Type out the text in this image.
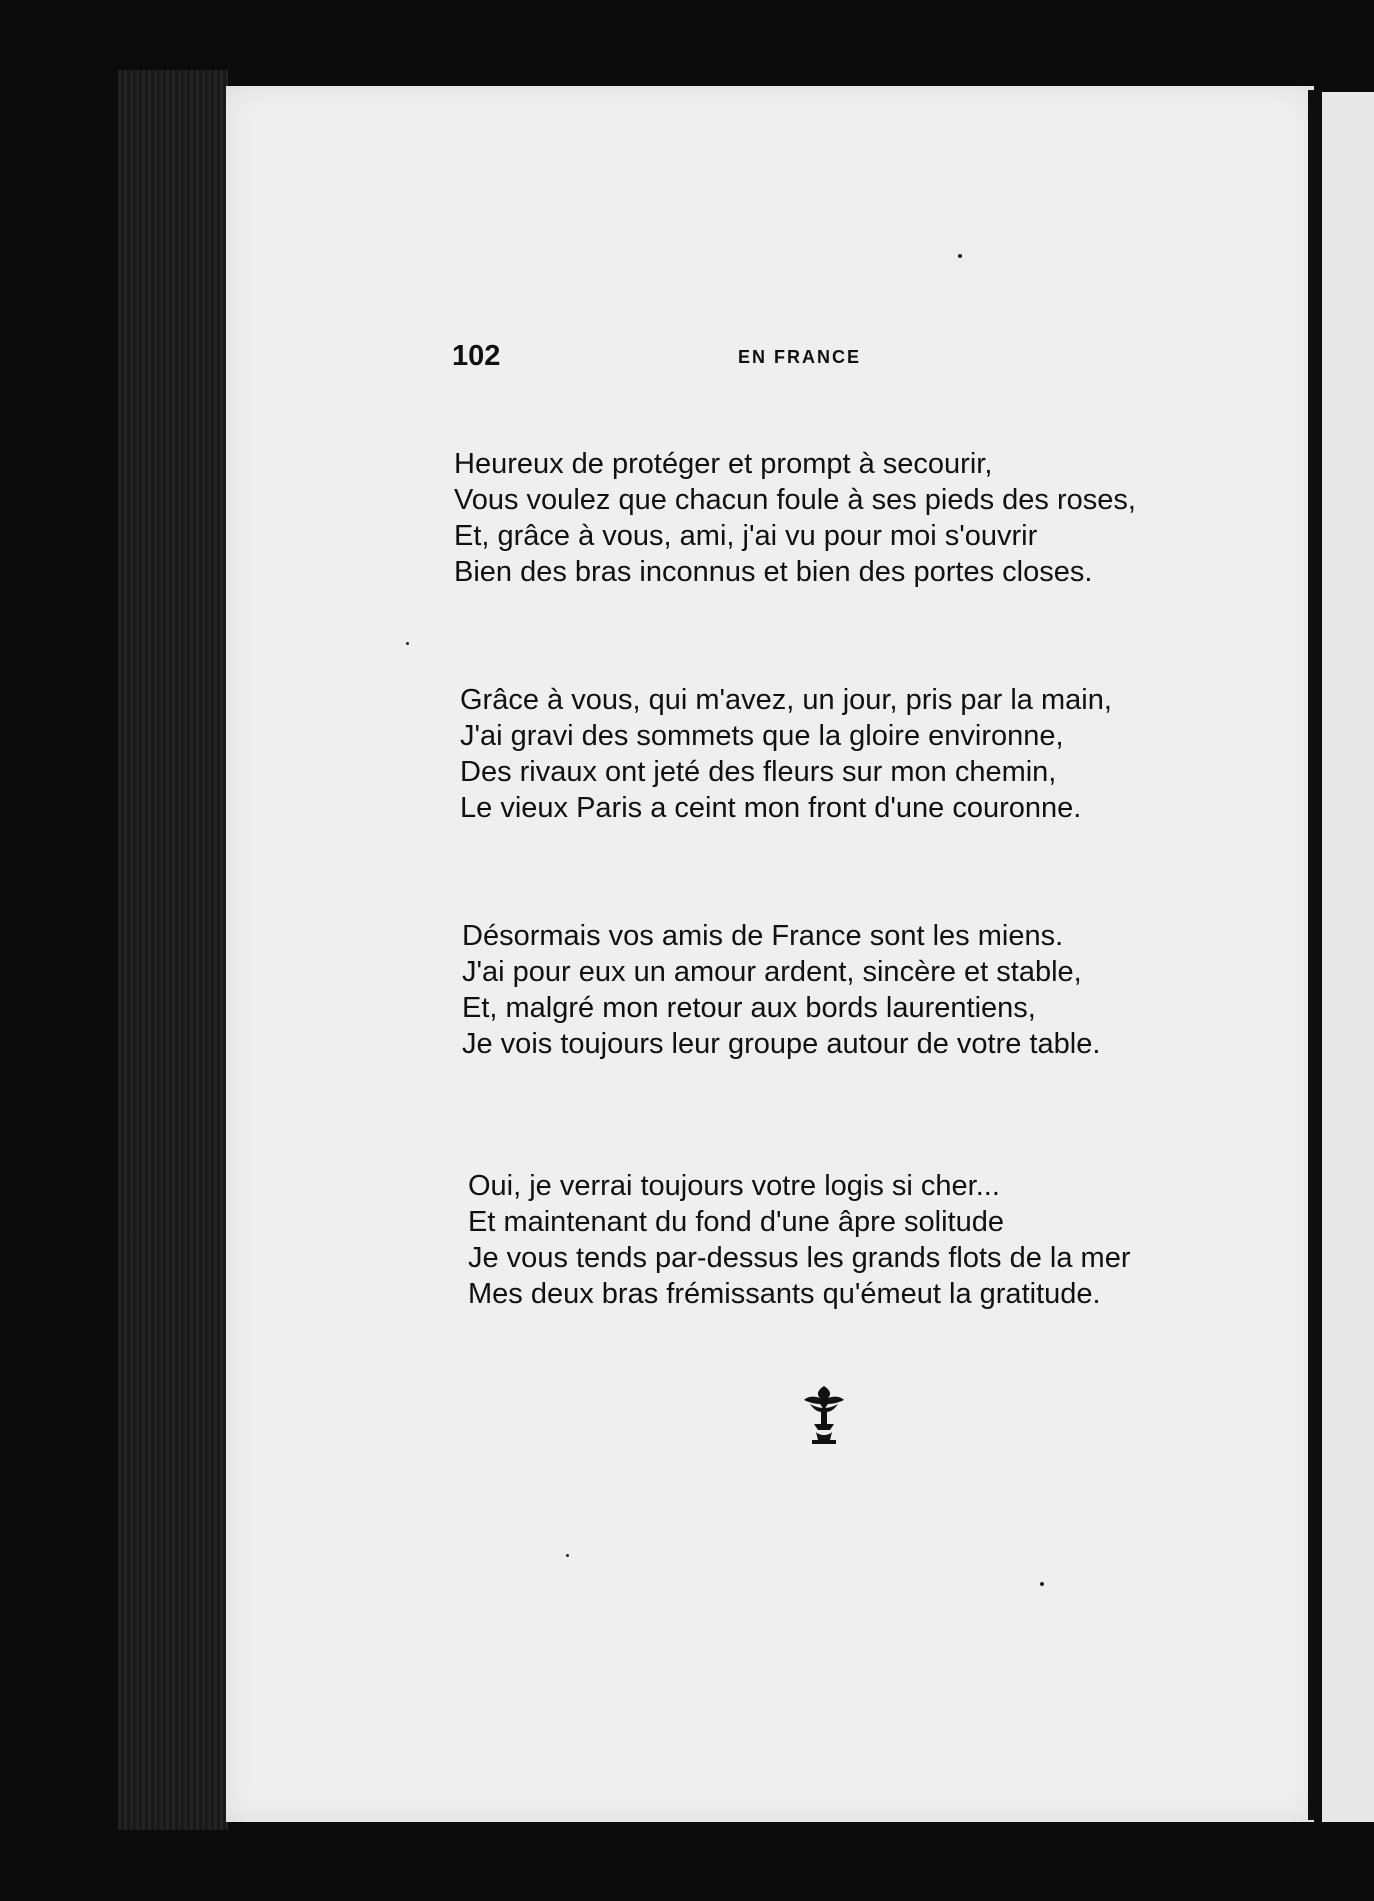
102	EN FRANCE
Heureux de protéger et prompt à secourir,
Vous voulez que chacun foule à ses pieds des roses,
Et, grâce à vous, ami, j'ai vu pour moi s'ouvrir
Bien des bras inconnus et bien des portes closes.
Grâce à vous, qui m'avez, un jour, pris par la main,
J'ai gravi des sommets que la gloire environne,
Des rivaux ont jeté des fleurs sur mon chemin,
Le vieux Paris a ceint mon front d'une couronne.
Désormais vos amis de France sont les miens.
J'ai pour eux un amour ardent, sincère et stable,
Et, malgré mon retour aux bords laurentiens,
Je vois toujours leur groupe autour de votre table.
Oui, je verrai toujours votre logis si cher...
Et maintenant du fond d'une âpre solitude
Je vous tends par-dessus les grands flots de la mer
Mes deux bras frémissants qu'émeut la gratitude.
